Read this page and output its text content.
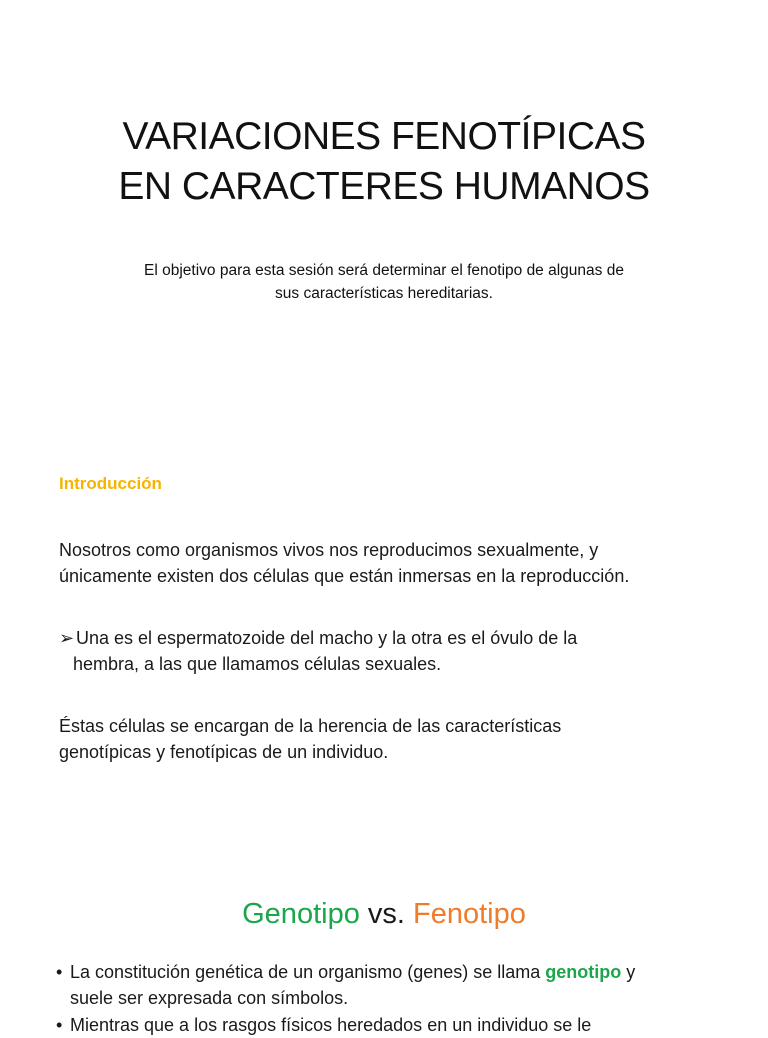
VARIACIONES FENOTÍPICAS
EN CARACTERES HUMANOS
El objetivo para esta sesión será determinar el fenotipo de algunas de
sus características hereditarias.
Introducción
Nosotros como organismos vivos nos reproducimos sexualmente, y
únicamente existen dos células que están inmersas en la reproducción.
➢ Una es el espermatozoide del macho y la otra es el óvulo de la
hembra, a las que llamamos células sexuales.
Éstas células se encargan de la herencia de las características
genotípicas y fenotípicas de un individuo.
Genotipo vs. Fenotipo
• La constitución genética de un organismo (genes) se llama genotipo y
suele ser expresada con símbolos.
• Mientras que a los rasgos físicos heredados en un individuo se le
